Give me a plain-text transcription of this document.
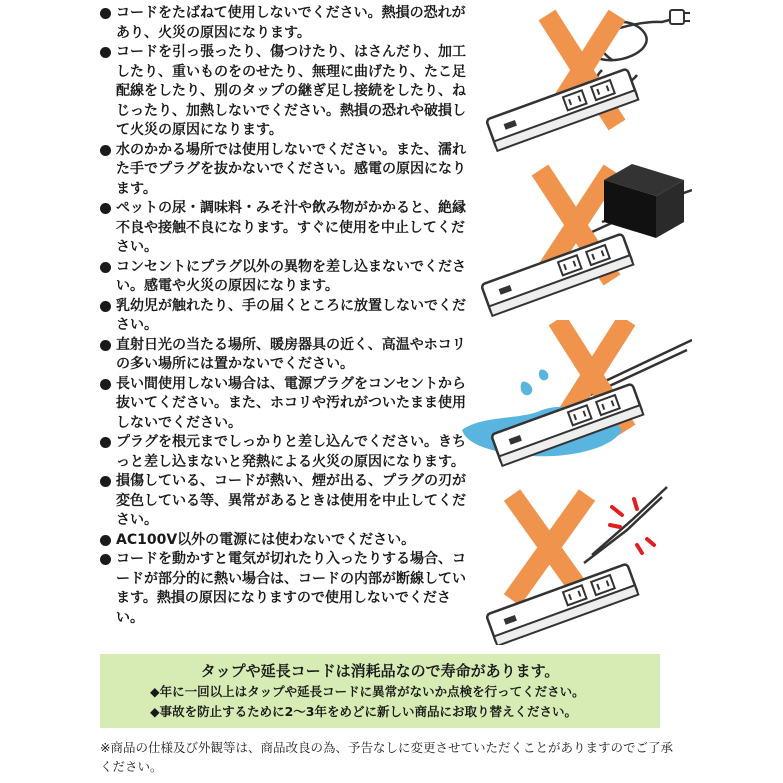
コードをたばねて使用しないでください。熱損の恐れがあり、火災の原因になります。
コードを引っ張ったり、傷つけたり、はさんだり、加工したり、重いものをのせたり、無理に曲げたり、たこ足配線をしたり、別のタップの継ぎ足し接続をしたり、ねじったり、加熱しないでください。熱損の恐れや破損して火災の原因になります。
水のかかる場所では使用しないでください。また、濡れた手でプラグを抜かないでください。感電の原因になります。
ペットの尿・調味料・みそ汁や飲み物がかかると、絶縁不良や接触不良になります。すぐに使用を中止してください。
コンセントにプラグ以外の異物を差し込まないでください。感電や火災の原因になります。
乳幼児が触れたり、手の届くところに放置しないでください。
直射日光の当たる場所、暖房器具の近く、高温やホコリの多い場所には置かないでください。
長い間使用しない場合は、電源プラグをコンセントから抜いてください。また、ホコリや汚れがついたまま使用しないでください。
プラグを根元までしっかりと差し込んでください。きちっと差し込まないと発熱による火災の原因になります。
損傷している、コードが熱い、煙が出る、プラグの刃が変色している等、異常があるときは使用を中止してください。
AC100V以外の電源には使わないでください。
コードを動かすと電気が切れたり入ったりする場合、コードが部分的に熱い場合は、コードの内部が断線しています。熱損の原因になりますので使用しないでください。

タップや延長コードは消耗品なので寿命があります。

◆年に一回以上はタップや延長コードに異常がないか点検を行ってください。

◆事故を防止するために2～3年をめどに新しい商品にお取り替えください。

※商品の仕様及び外観等は、商品改良の為、予告なしに変更させていただくことがありますのでご了承ください。
